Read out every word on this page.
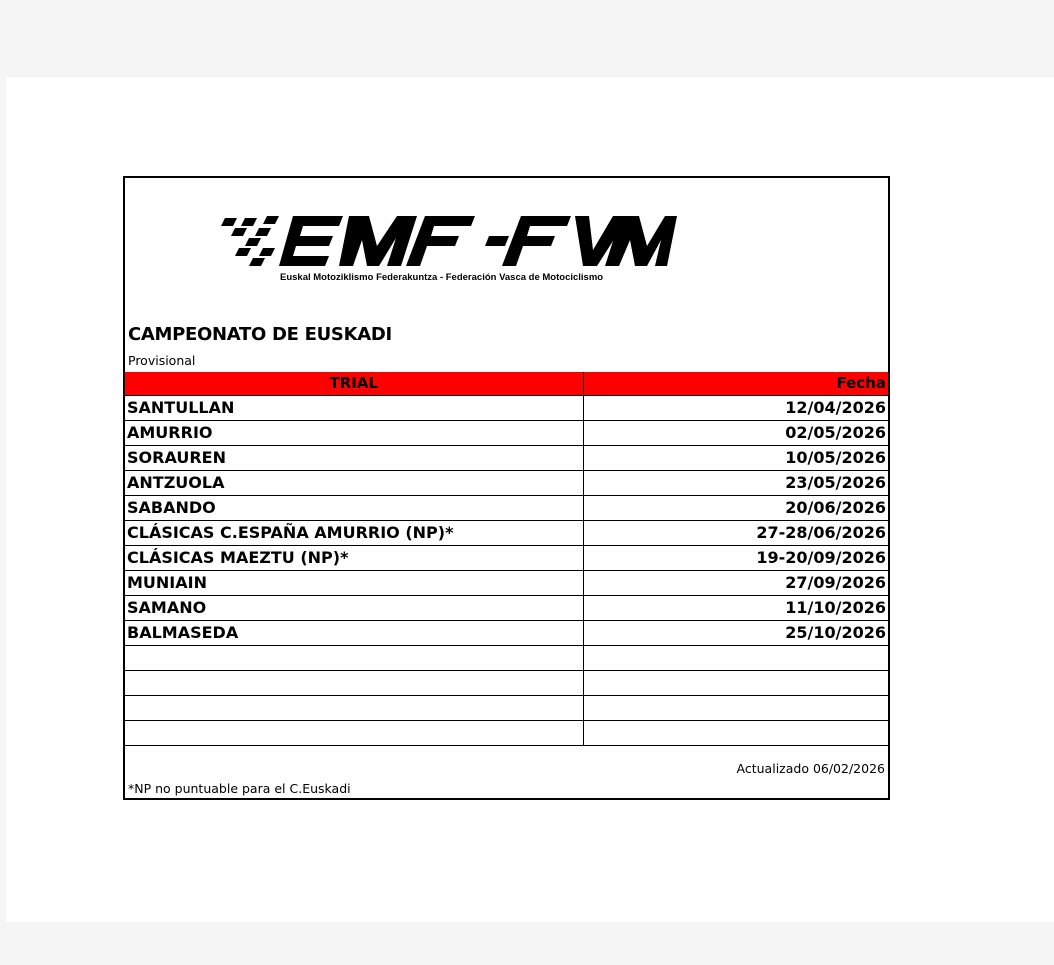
Euskal Motoziklismo Federakuntza - Federación Vasca de Motociclismo
CAMPEONATO DE EUSKADI
Provisional
TRIAL	Fecha
SANTULLAN	12/04/2026
AMURRIO	02/05/2026
SORAUREN	10/05/2026
ANTZUOLA	23/05/2026
SABANDO	20/06/2026
CLÁSICAS C.ESPAÑA AMURRIO (NP)*	27-28/06/2026
CLÁSICAS MAEZTU (NP)*	19-20/09/2026
MUNIAIN	27/09/2026
SAMANO	11/10/2026
BALMASEDA	25/10/2026

Actualizado 06/02/2026
*NP no puntuable para el C.Euskadi
